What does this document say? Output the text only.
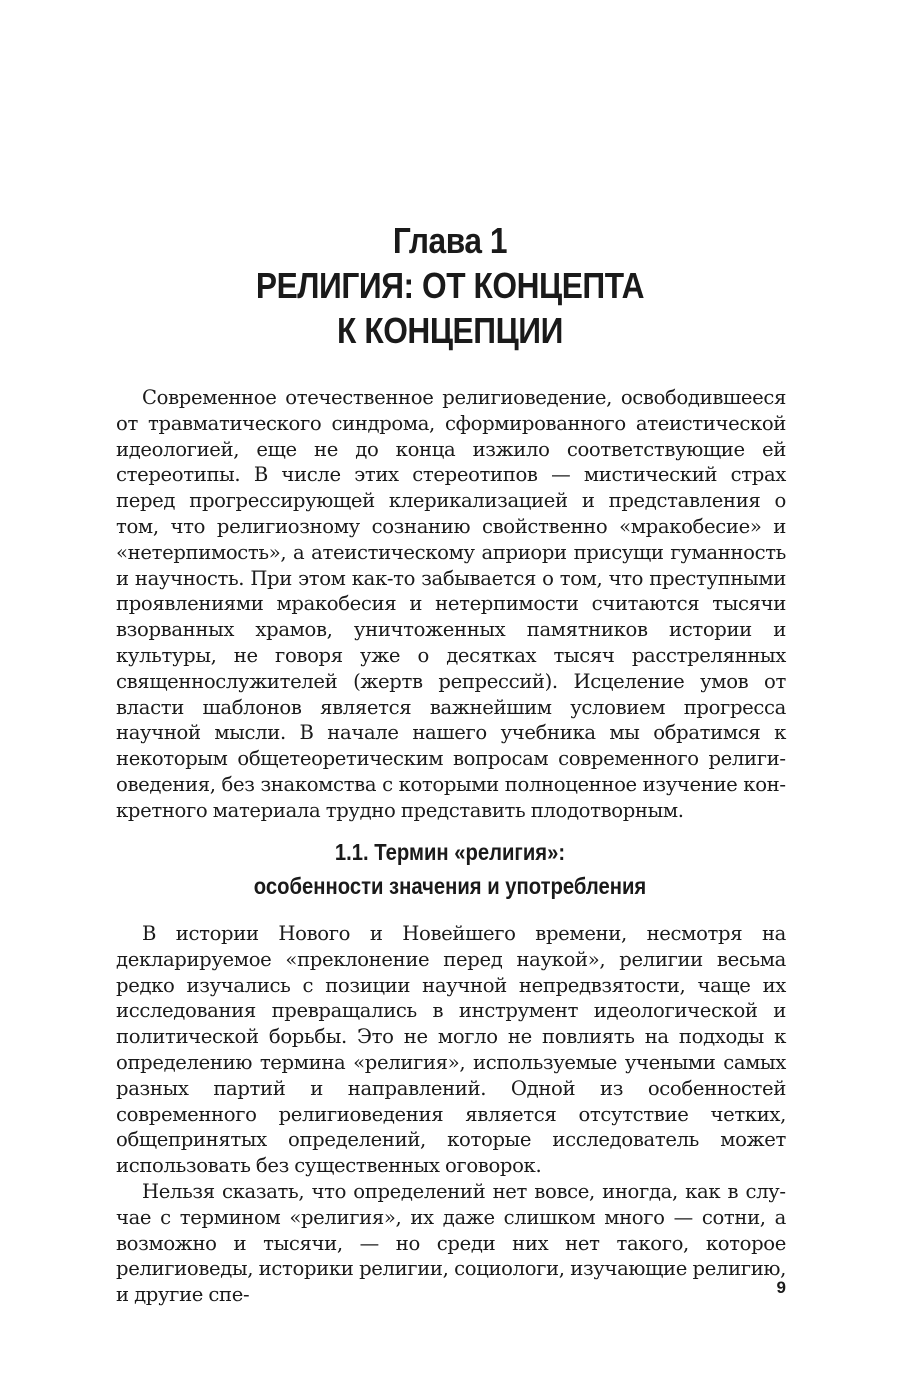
Глава 1
РЕЛИГИЯ: ОТ КОНЦЕПТА
К КОНЦЕПЦИИ

Современное отечественное религиоведение, освободившееся от травматического синдрома, сформированного атеистической идеологией, еще не до конца изжило соответствующие ей стереотипы. В числе этих стереотипов — мистический страх перед прогрессирующей клерикализацией и представления о том, что религиозному сознанию свойственно «мракобесие» и «нетерпимость», а атеистическому априори присущи гуманность и научность. При этом как-то забывается о том, что преступными проявлениями мракобесия и нетерпимости считаются тысячи взорванных храмов, уничтоженных памятников истории и культуры, не говоря уже о десятках тысяч расстрелянных священнослужителей (жертв репрессий). Исцеление умов от власти шаблонов является важнейшим условием прогресса научной мысли. В начале нашего учебника мы обратимся к некоторым общетеоретическим вопросам современного религиоведения, без знакомства с которыми полноценное изучение конкретного материала трудно представить плодотворным.

1.1. Термин «религия»:
особенности значения и употребления

В истории Нового и Новейшего времени, несмотря на декларируемое «преклонение перед наукой», религии весьма редко изучались с позиции научной непредвзятости, чаще их исследования превращались в инструмент идеологической и политической борьбы. Это не могло не повлиять на подходы к определению термина «религия», используемые учеными самых разных партий и направлений. Одной из особенностей современного религиоведения является отсутствие четких, общепринятых определений, которые исследователь может использовать без существенных оговорок.

Нельзя сказать, что определений нет вовсе, иногда, как в случае с термином «религия», их даже слишком много — сотни, а возможно и тысячи, — но среди них нет такого, которое религиоведы, историки религии, социологи, изучающие религию, и другие спе-	9
